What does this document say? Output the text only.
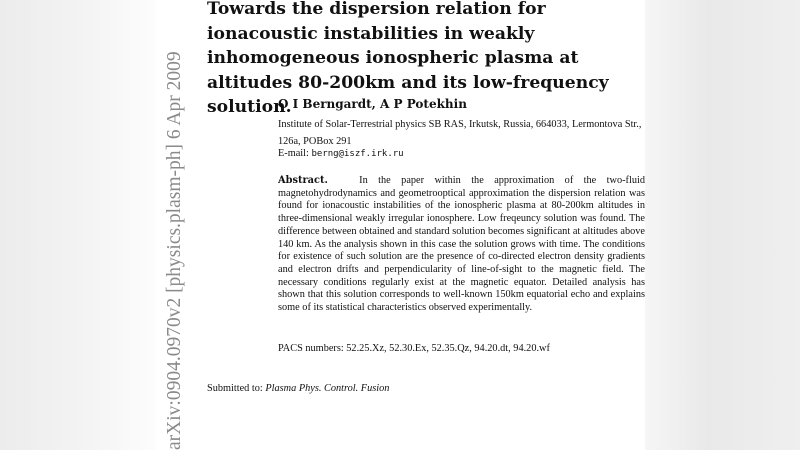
arXiv:0904.0970v2 [physics.plasm-ph] 6 Apr 2009
Towards the dispersion relation for ionacoustic instabilities in weakly inhomogeneous ionospheric plasma at altitudes 80-200km and its low-frequency solution.
O I Berngardt, A P Potekhin
Institute of Solar-Terrestrial physics SB RAS, Irkutsk, Russia, 664033, Lermontova Str., 126a, POBox 291
E-mail: berng@iszf.irk.ru

Abstract.	In the paper within the approximation of the two-fluid magnetohydrodynamics and geometrooptical approximation the dispersion relation was found for ionacoustic instabilities of the ionospheric plasma at 80-200km altitudes in three-dimensional weakly irregular ionosphere. Low freqeuncy solution was found. The difference between obtained and standard solution becomes significant at altitudes above 140 km. As the analysis shown in this case the solution grows with time. The conditions for existence of such solution are the presence of co-directed electron density gradients and electron drifts and perpendicularity of line-of-sight to the magnetic field. The necessary conditions regularly exist at the magnetic equator. Detailed analysis has shown that this solution corresponds to well-known 150km equatorial echo and explains some of its statistical characteristics observed experimentally.

PACS numbers: 52.25.Xz, 52.30.Ex, 52.35.Qz, 94.20.dt, 94.20.wf
Submitted to: Plasma Phys. Control. Fusion
